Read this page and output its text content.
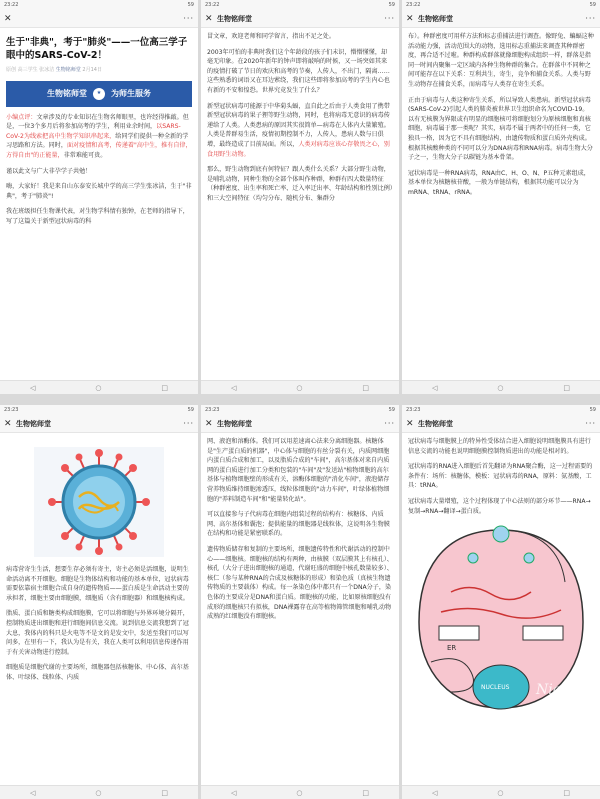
23:22	59
✕	···
生于"非典"，考于"肺炎"——一位高三学子眼中的SARS-CoV-2！
原创 高三学生 张冰洁 生物铭师堂 2月14日
生物铭师堂	★	为师生服务

小编点评：文章涉及的专业知识在生物名师眼里，也许经得推敲。但是，一位3个多月后将参加高考的学生，利用业余时间，以SARS-CoV-2为线索把高中生物学知识串起来，给同学们提供一种全新的学习思路和方法。同时，面对疫情和高考，传递着"高中生，推有自律，方得自由"的正能量，非常难能可贵。

谨以此文与广大非孕学子共勉！

嗨，大家好！我是来自山东泰安长城中学的高三学生张冰洁，生于"非典"，考于"肺炎"!

我在班级担任生物课代表，对生物学科情有独钟，在老师的指导下，写了这篇关于新型冠状病毒的科

◁	○	□
23:22	59
✕ 生物铭师堂	···

冒文章，欢迎老师和同学留言，指出不足之处。

2003年可怕的非典时我们这个年龄段的孩子们未识，懵懵懂懂，却毫无印象。在2020年新年的钟声即将敲响的时候，又一场突如其来的疫情打破了节日的欢庆和高考的节奏，人传人，不出门，隔离……这些熟悉的词语又在耳边萦绕，我们这些即将参加高考的学生内心也有新的不安和惶恐。世界究竟发生了什么？

新型冠状病毒可能源于中华菊头蝠，直自此之后由于人类食用了携带新型冠状病毒的果子狸等野生动物，同时，也将病毒无意识的病毒传递给了人类。人类患病的原因其实很简单—病毒在人体内大量繁殖。人类是普群易生活，疫情初期控制不力，人传人，患病人数与日俱增，最终造成了目前局面。所以，人类对病毒应该心存敬畏之心，别食用野生动物。

那么，野生动物到底有何特征？跟人类什么关系？大部分野生动物，是哺乳动物，同种生物的全部个体叫作种群，种群有四大数量特征（种群密度、出生率和死亡率、迁入率迁出率、年龄结构和性别比例）和三大空间特征（均匀分布、随机分布、集群分

◁	○	□
23:22	59
✕ 生物铭师堂	···

布）。种群密度可用样方法和标志重捕法进行调查。像野兔、蝙蝠这种活动能力强，活动范围大的动物，选用标志重捕法来调查其种群密度，再合适不过啦。种群构成群落就像细胞构成组织一样，群落是指同一时间内聚集一定区域内各种生物种群的集合。在群落中不同种之间可能存在以下关系：互利共生，寄生，竞争和捕食关系。人类与野生动物存在捕食关系，而病毒与人类存在寄生关系。

正由于病毒与人类这种寄生关系，所以导致人类患病。新型冠状病毒(SARS-CoV-2)引起人类的肺炎被世界卫生组织命名为COVID-19。以有无核膜为界限或有明显的细胞核可将细胞划分为原核细胞和真核细胞，病毒属于那一类呢？其实，病毒不属于两者中的任何一类，它独具一格，因为它不具有细胞结构，由遗传物质和蛋白质外壳构成。根据其核酸种类的不同可以分为DNA病毒和RNA病毒。病毒生物大分子之一，生物大分子以碳链为基本骨架。

冠状病毒是一种RNA病毒，RNA由C、H、O、N、P五种元素组成，基本单位为核糖核苷酸，一般为单链结构，根据其功能可以分为mRNA、tRNA、rRNA。

◁	○	□
23:23	59
✕ 生物铭师堂	···

病毒营寄生生活，想要生存必须有寄主，寄主必须是活细胞，说明生命活动离不开细胞。细胞是生物体结构和功能的基本单位，冠状病毒需要依靠宿主细胞合成自身的遗传物质——蛋白质是生命活动主要的承担者，细胞主要由细胞膜，细胞质（含有细胞器）和细胞核构成。

脂质、蛋白质和糖类构成细胞膜，它可以将细胞与外界环境分隔开，控制物质进出细胞和进行细胞间信息交流。说到信息交流我想到了冠大息，我体内的科只是火电等不是文的是发文中，发送至我们可以写问多，在里有一下，我认为是有关，我在人类可以利用信息传递作用于有关害动物进行控制。

细胞质是细胞代谢的主要场所，细胞器包括核糖体、中心体、高尔基体、叶绿体、线粒体、内质

◁	○	□
23:23	59
✕ 生物铭师堂	···

网、液泡和溶酶体。我们可以用差速离心法来分离细胞器。核糖体是"生产蛋白质的机器"，中心体与细胞的有丝分裂有关，内质网细胞内蛋白质合成和加工，以及脂质合成的"车间"，高尔基体对来自内质网的蛋白质进行加工分类和包装的"车间"及"发送站"植物细胞的高尔基体与植物细胞壁的形成有关，溶酶体细胞的"消化车间"，液泡储存营养物质维持细胞渗透压，线粒体细胞的"动力车间"，叶绿体植物细胞的"养料制造车间"和"能量转化站"。

可以直接参与子代病毒在细胞内组装过程的结构有：核糖体、内质网、高尔基体和囊泡；提供能量的细胞器是线粒体，这说明各生物膜在结构和功能是紧密联系的。

遗传物质储存和复制的主要场所，细胞遗传特性和代谢活动的控制中心——细胞核。细胞核的结构有两种，由核膜（双层膜其上有核孔）、核孔（大分子进出细胞核的通道，代谢旺盛的细胞中核孔数量较多）、核仁（参与某种RNA的合成及核糖体的形成）和染色质（真核生物遗传物质的主要载体）构成。每一条染色体中都只有一个DNA分子，染色体的主要成分是DNA和蛋白质。细胞核的功能，比如原核细胞没有成形的细胞核只有拟核，DNA裸露存在高等植物筛管细胞和哺乳动物成熟的红细胞没有细胞核。

◁	○	□
23:23	59
✕ 生物铭师堂	···

冠状病毒与细胞膜上的特异性受体结合进入细胞说明细胞膜具有进行信息交流的功能也说明细胞膜控制物质进出的功能是相对的。

冠状病毒的RNA进入细胞后首先翻译为RNA聚合酶，这一过程需要的条件有：场所：核糖体，模板：冠状病毒的RNA，原料：氨基酸，工具：tRNA。

冠状病毒大量增殖，这个过程体现了中心法则的部分环节——RNA→复制→RNA→翻译→蛋白质。

ER
NUCLEUS Nice
◁	○	□
